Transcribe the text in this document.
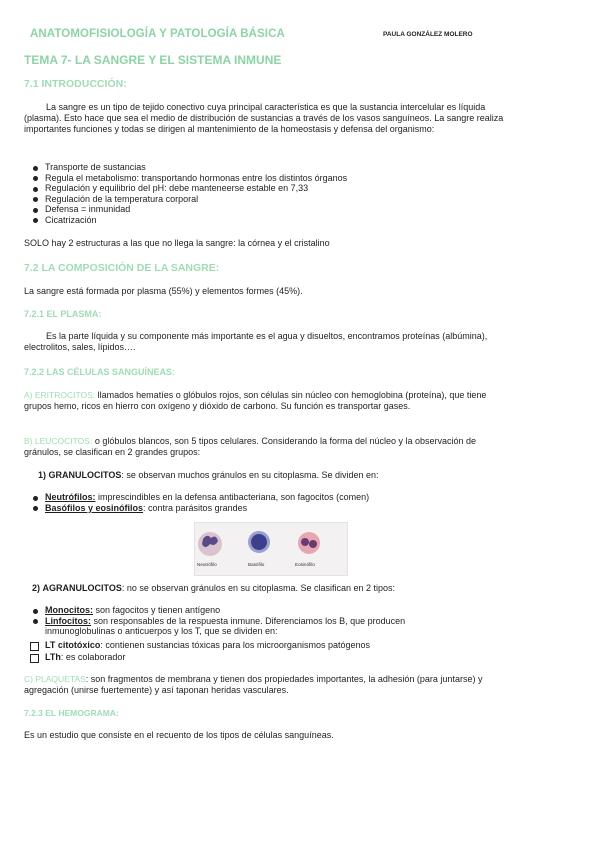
ANATOMOFISIOLOGÍA Y PATOLOGÍA BÁSICA	PAULA GONZÁLEZ MOLERO
TEMA 7- LA SANGRE Y EL SISTEMA INMUNE
7.1 INTRODUCCIÓN:

La sangre es un tipo de tejido conectivo cuya principal característica es que la sustancia intercelular es líquida (plasma). Esto hace que sea el medio de distribución de sustancias a través de los vasos sanguíneos. La sangre realiza importantes funciones y todas se dirigen al mantenimiento de la homeostasis y defensa del organismo:

Transporte de sustancias
Regula el metabolismo: transportando hormonas entre los distintos órganos
Regulación y equilibrio del pH: debe manteneerse estable en 7,33
Regulación de la temperatura corporal
Defensa = inmunidad
Cicatrización

SOLO hay 2 estructuras a las que no llega la sangre: la córnea y el cristalino

7.2 LA COMPOSICIÓN DE LA SANGRE:

La sangre está formada por plasma (55%) y elementos formes (45%).

7.2.1 EL PLASMA:

Es la parte líquida y su componente más importante es el agua y disueltos, encontramos proteínas (albúmina), electrolitos, sales, lípidos….

7.2.2 LAS CÉLULAS SANGUÍNEAS:

A) ERITROCITOS: llamados hematíes o glóbulos rojos, son células sin núcleo con hemoglobina (proteína), que tiene grupos hemo, ricos en hierro con oxígeno y dióxido de carbono. Su función es transportar gases.

B) LEUCOCITOS: o glóbulos blancos, son 5 tipos celulares. Considerando la forma del núcleo y la observación de gránulos, se clasifican en 2 grandes grupos:

1) GRANULOCITOS: se observan muchos gránulos en su citoplasma. Se dividen en:
Neutrófilos: imprescindibles en la defensa antibacteriana, son fagocitos (comen)
Basófilos y eosinófilos: contra parásitos grandes
Neutrófilo	Basófilo	Eosinófilo
2) AGRANULOCITOS: no se observan gránulos en su citoplasma. Se clasifican en 2 tipos:
Monocitos: son fagocitos y tienen antígeno
Linfocitos: son responsables de la respuesta inmune. Diferenciamos los B, que producen inmunoglobulinas o anticuerpos y los T, que se dividen en:
LT citotóxico: contienen sustancias tóxicas para los microorganismos patógenos
LTh: es colaborador

C) PLAQUETAS: son fragmentos de membrana y tienen dos propiedades importantes, la adhesión (para juntarse) y agregación (unirse fuertemente) y así taponan heridas vasculares.

7.2.3 EL HEMOGRAMA:

Es un estudio que consiste en el recuento de los tipos de células sanguíneas.
